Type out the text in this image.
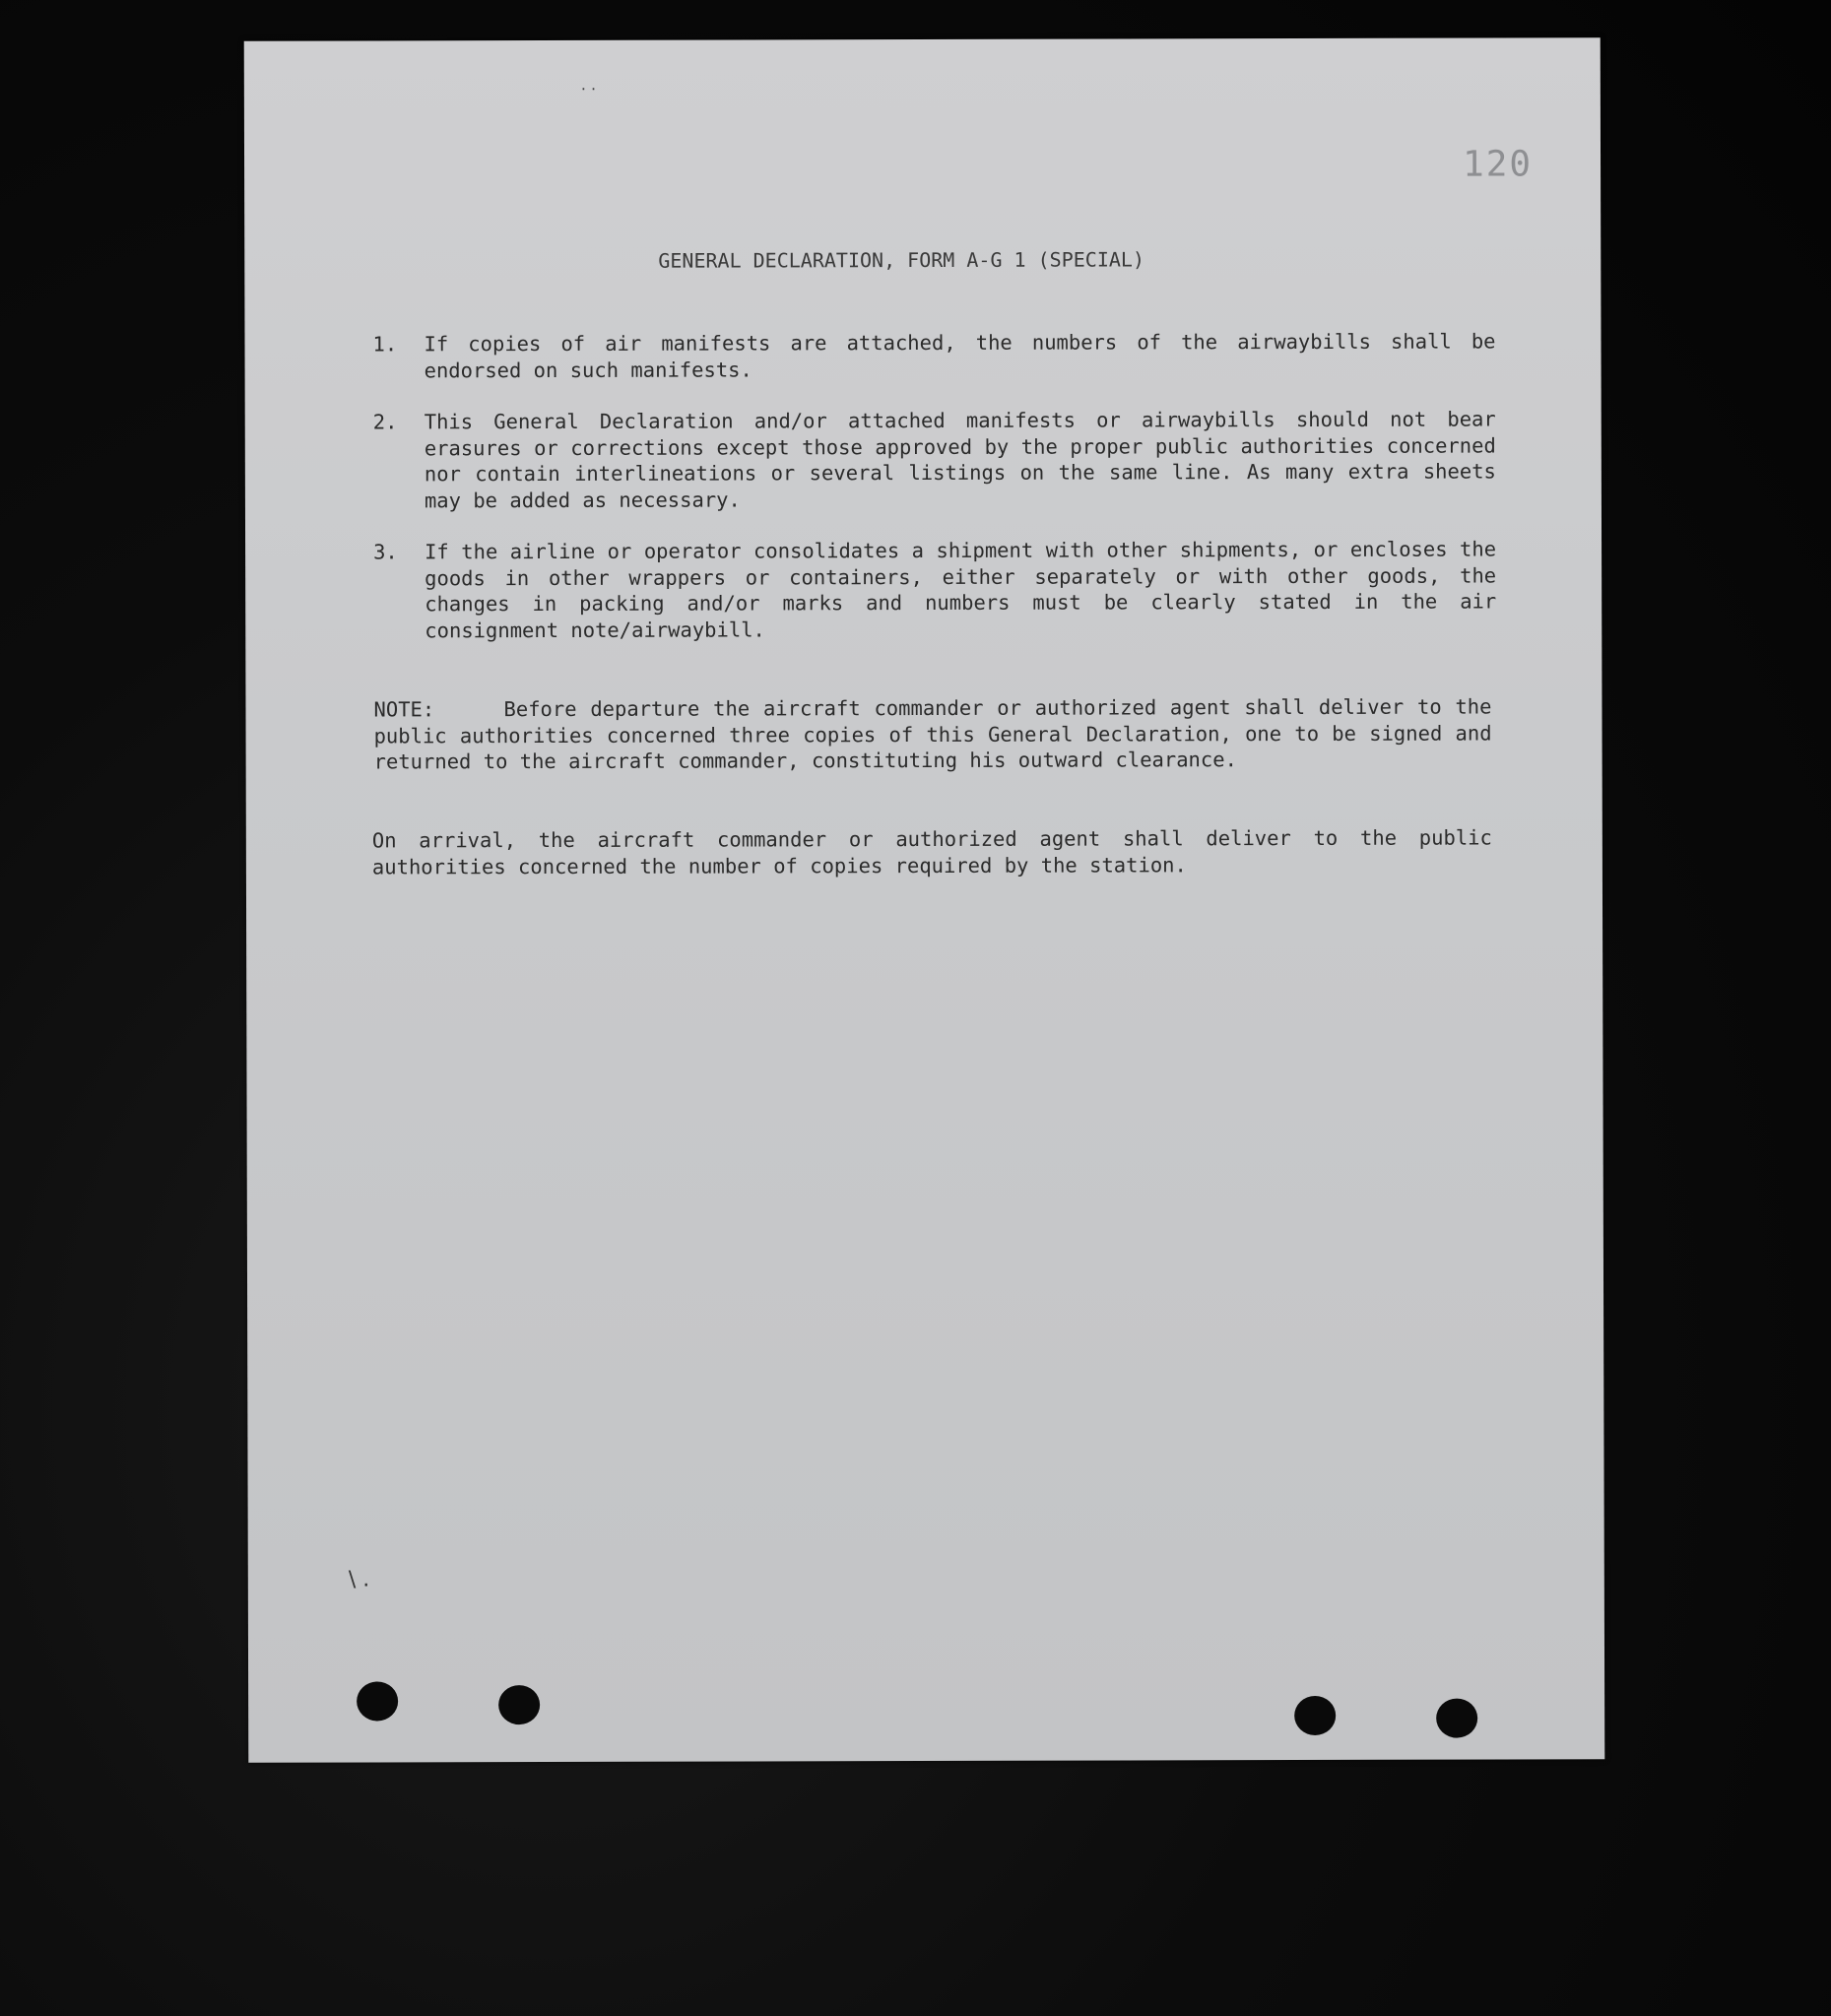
120
GENERAL DECLARATION, FORM A-G 1 (SPECIAL)
1.	If copies of air manifests are attached, the numbers of the airwaybills shall be endorsed on such manifests.
2.	This General Declaration and/or attached manifests or airwaybills should not bear erasures or corrections except those approved by the proper public authorities concerned nor contain interlineations or several listings on the same line. As many extra sheets may be added as necessary.
3.	If the airline or operator consolidates a shipment with other shipments, or encloses the goods in other wrappers or containers, either separately or with other goods, the changes in packing and/or marks and numbers must be clearly stated in the air consignment note/airwaybill.
NOTE:	Before departure the aircraft commander or authorized agent shall deliver to the public authorities concerned three copies of this General Declaration, one to be signed and returned to the aircraft commander, constituting his outward clearance.
On arrival, the aircraft commander or authorized agent shall deliver to the public authorities concerned the number of copies required by the station.
· ·
\ .
